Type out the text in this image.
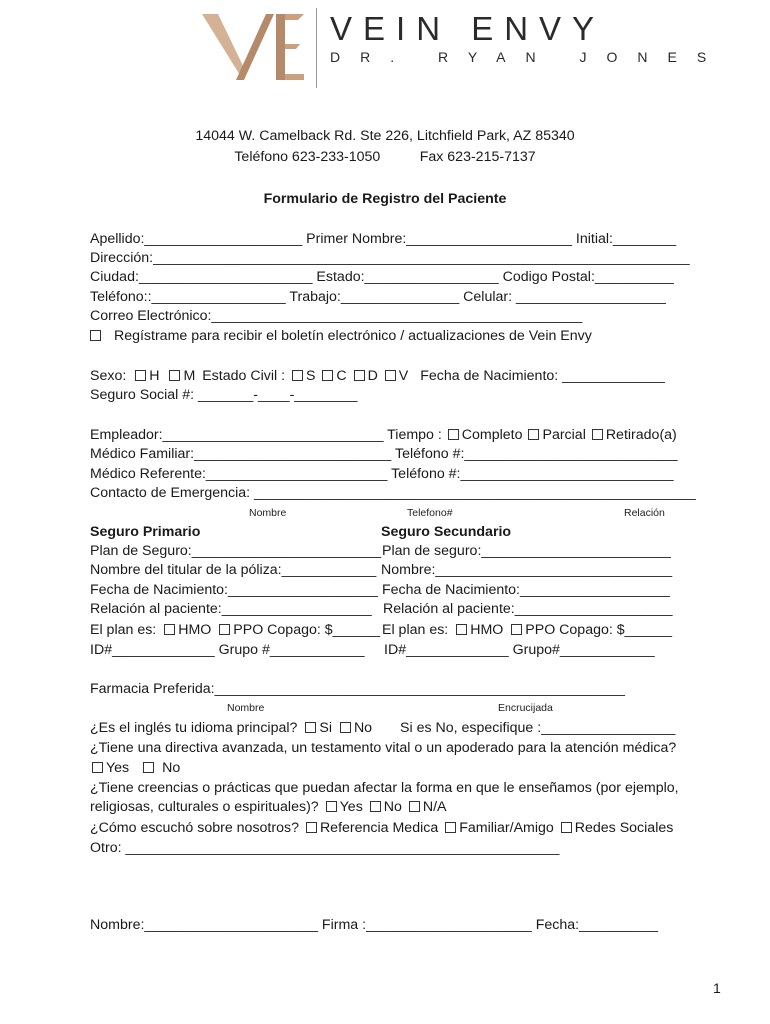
VEIN ENVY
DR. RYAN JONES
14044 W. Camelback Rd. Ste 226, Litchfield Park, AZ 85340
Teléfono 623-233-1050          Fax 623-215-7137
Formulario de Registro del Paciente
Apellido:____________________ Primer Nombre:_____________________ Initial:________
Dirección:____________________________________________________________________
Ciudad:______________________ Estado:_________________ Codigo Postal:__________
Teléfono::_________________ Trabajo:_______________ Celular: ___________________
Correo Electrónico:_______________________________________________
Regístrame para recibir el boletín electrónico / actualizaciones de Vein Envy
Sexo: H M Estado Civil : S C D V Fecha de Nacimiento: _____________
Seguro Social #: _______-____-________
Empleador:____________________________ Tiempo : Completo Parcial Retirado(a)
Médico Familiar:_________________________ Teléfono #:___________________________
Médico Referente:_______________________ Teléfono #:___________________________
Contacto de Emergencia: ________________________________________________________
Nombre	Telefono#	Relación
Seguro Primario	Seguro Secundario
Plan de Seguro:________________________ Plan de seguro:________________________
Nombre del titular de la póliza:____________ Nombre:______________________________
Fecha de Nacimiento:___________________ Fecha de Nacimiento:___________________
Relación al paciente:___________________ Relación al paciente:____________________
El plan es: HMO PPO Copago: $______ El plan es: HMO PPO Copago: $______
ID#_____________ Grupo #____________ ID#_____________ Grupo#____________
Farmacia Preferida:____________________________________________________
Nombre	Encrucijada
¿Es el inglés tu idioma principal? Si No Si es No, especifique :_________________
¿Tiene una directiva avanzada, un testamento vital o un apoderado para la atención médica?
Yes No
¿Tiene creencias o prácticas que puedan afectar la forma en que le enseñamos (por ejemplo,
religiosas, culturales o espirituales)? Yes No N/A
¿Cómo escuchó sobre nosotros? Referencia Medica Familiar/Amigo Redes Sociales
Otro: _______________________________________________________
Nombre:______________________ Firma :_____________________ Fecha:__________
1
